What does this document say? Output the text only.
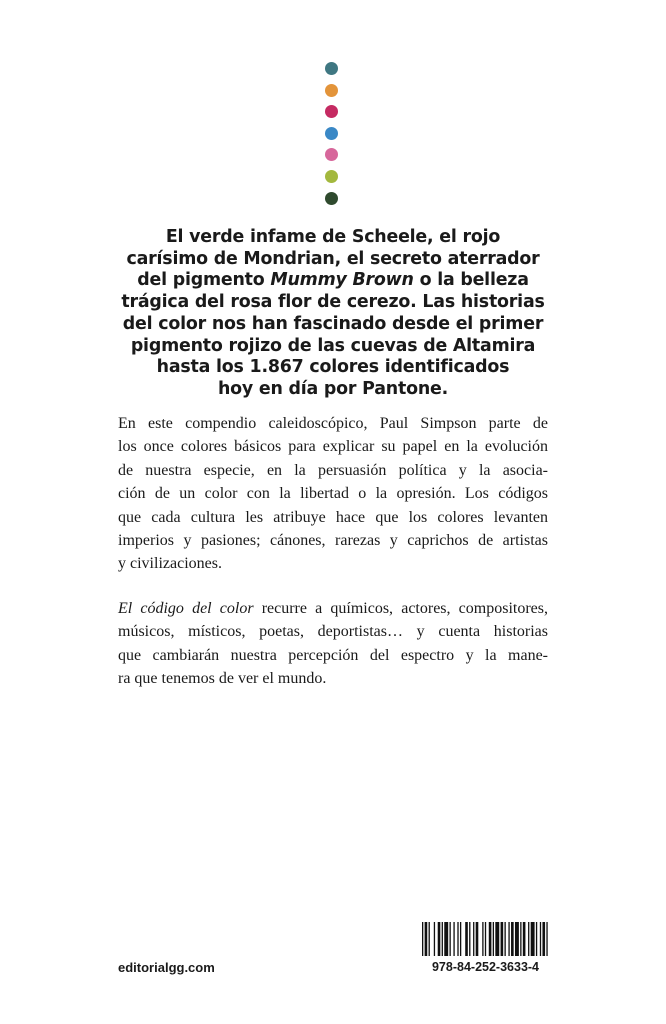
El verde infame de Scheele, el rojo
carísimo de Mondrian, el secreto aterrador
del pigmento Mummy Brown o la belleza
trágica del rosa flor de cerezo. Las historias
del color nos han fascinado desde el primer
pigmento rojizo de las cuevas de Altamira
hasta los 1.867 colores identificados
hoy en día por Pantone.
En este compendio caleidoscópico, Paul Simpson parte de
los once colores básicos para explicar su papel en la evolución
de nuestra especie, en la persuasión política y la asocia-
ción de un color con la libertad o la opresión. Los códigos
que cada cultura les atribuye hace que los colores levanten
imperios y pasiones; cánones, rarezas y caprichos de artistas
y civilizaciones.
El código del color recurre a químicos, actores, compositores,
músicos, místicos, poetas, deportistas… y cuenta historias
que cambiarán nuestra percepción del espectro y la mane-
ra que tenemos de ver el mundo.
editorialgg.com	978-84-252-3633-4
